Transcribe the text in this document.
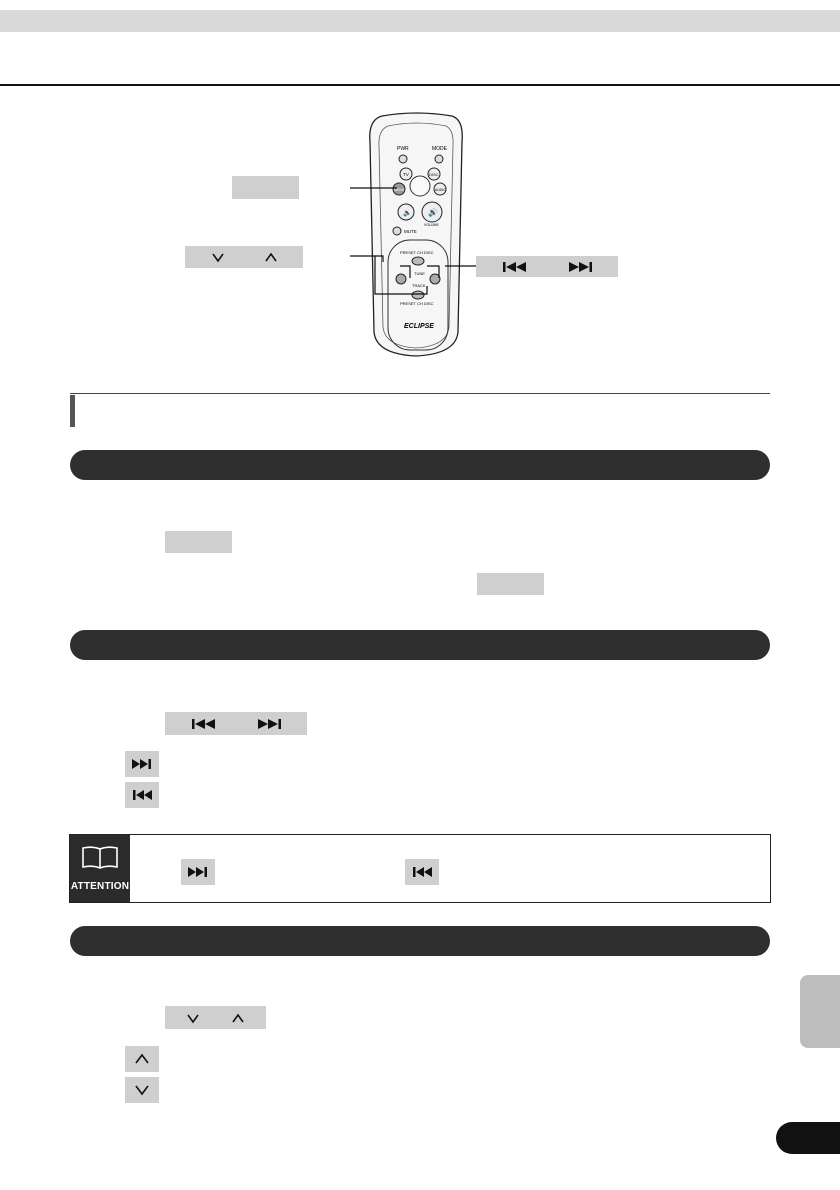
PWR	MODE
TV	DISC
MENU	AUDIO
🔈 🔊
VOLUME
MUTE
PRESET CH DISC
TUNE
TRACK
PRESET CH DISC
ECLIPSE
ATTENTION
